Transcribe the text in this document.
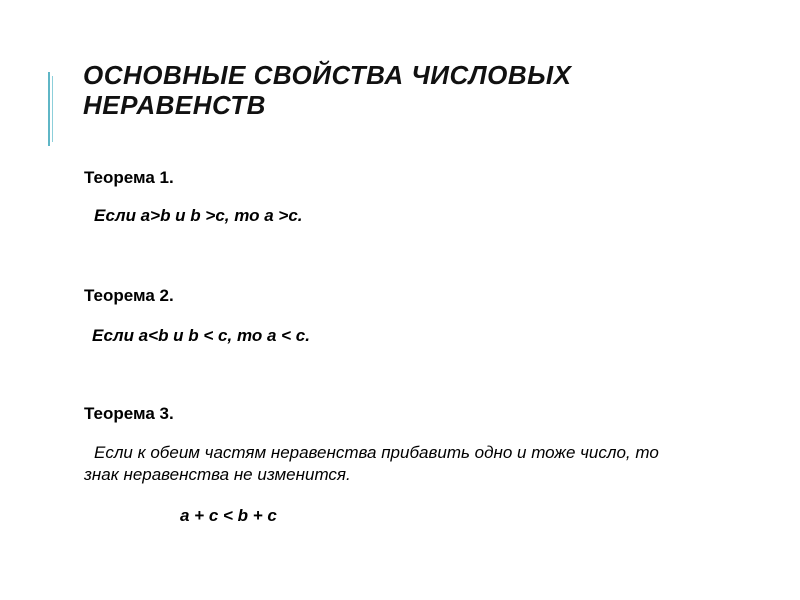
ОСНОВНЫЕ СВОЙСТВА ЧИСЛОВЫХ НЕРАВЕНСТВ
Теорема 1.
Если a>b и b >c, то a >c.
Теорема 2.
Если a<b и b < c, то a < c.
Теорема 3.
Если к обеим частям неравенства прибавить одно и тоже число, то знак неравенства не изменится.
a + c < b + c
